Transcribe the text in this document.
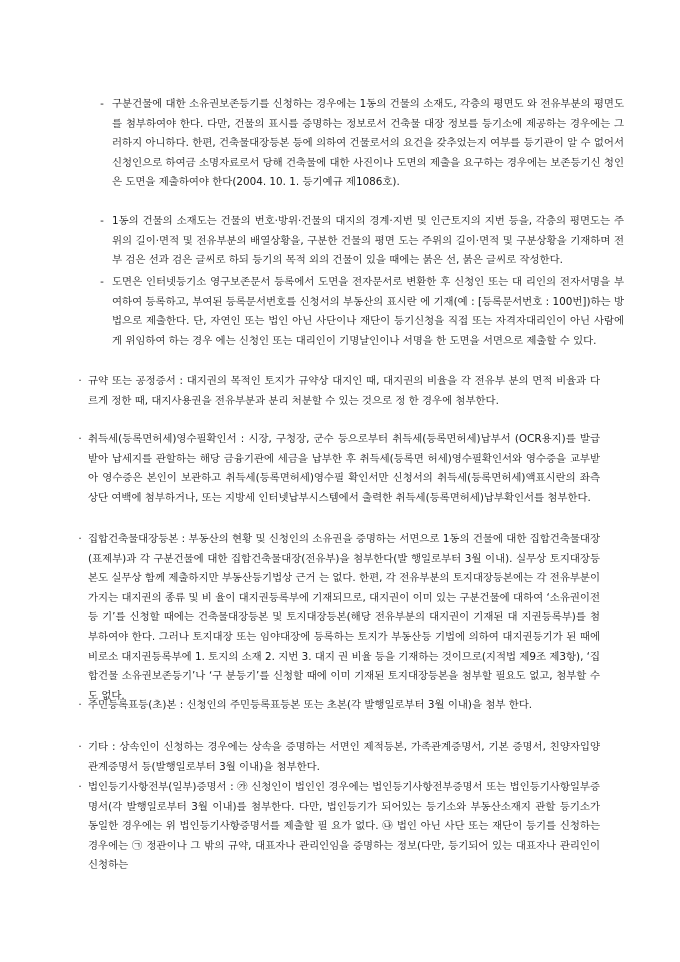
- 구분건물에 대한 소유권보존등기를 신청하는 경우에는 1동의 건물의 소재도, 각층의 평면도 와 전유부분의 평면도를 첨부하여야 한다. 다만, 건물의 표시를 증명하는 정보로서 건축물 대장 정보를 등기소에 제공하는 경우에는 그러하지 아니하다. 한편, 건축물대장등본 등에 의하여 건물로서의 요건을 갖추었는지 여부를 등기관이 알 수 없어서 신청인으로 하여금 소명자료로서 당해 건축물에 대한 사진이나 도면의 제출을 요구하는 경우에는 보존등기신 청인은 도면을 제출하여야 한다(2004. 10. 1. 등기예규 제1086호).
- 1동의 건물의 소재도는 건물의 번호·방위·건물의 대지의 경계·지번 및 인근토지의 지번 등을, 각층의 평면도는 주위의 길이·면적 및 전유부분의 배열상황을, 구분한 건물의 평면 도는 주위의 길이·면적 및 구분상황을 기재하며 전부 검은 선과 검은 글씨로 하되 등기의 목적 외의 건물이 있을 때에는 붉은 선, 붉은 글씨로 작성한다.
- 도면은 인터넷등기소 영구보존문서 등록에서 도면을 전자문서로 변환한 후 신청인 또는 대 리인의 전자서명을 부여하여 등록하고, 부여된 등록문서번호를 신청서의 부동산의 표시란 에 기재(예 : [등록문서번호 : 100번])하는 방법으로 제출한다. 단, 자연인 또는 법인 아닌 사단이나 재단이 등기신청을 직접 또는 자격자대리인이 아닌 사람에게 위임하여 하는 경우 에는 신청인 또는 대리인이 기명날인이나 서명을 한 도면을 서면으로 제출할 수 있다.
· 규약 또는 공정증서 : 대지권의 목적인 토지가 규약상 대지인 때, 대지권의 비율을 각 전유부 분의 면적 비율과 다르게 정한 때, 대지사용권을 전유부분과 분리 처분할 수 있는 것으로 정 한 경우에 첨부한다.
· 취득세(등록면허세)영수필확인서 : 시장, 구청장, 군수 등으로부터 취득세(등록면허세)납부서 (OCR용지)를 발급받아 납세지를 관할하는 해당 금융기관에 세금을 납부한 후 취득세(등록면 허세)영수필확인서와 영수증을 교부받아 영수증은 본인이 보관하고 취득세(등록면허세)영수필 확인서만 신청서의 취득세(등록면허세)액표시란의 좌측상단 여백에 첨부하거나, 또는 지방세 인터넷납부시스템에서 출력한 취득세(등록면허세)납부확인서를 첨부한다.
· 집합건축물대장등본 : 부동산의 현황 및 신청인의 소유권을 증명하는 서면으로 1동의 건물에 대한 집합건축물대장(표제부)과 각 구분건물에 대한 집합건축물대장(전유부)을 첨부한다(발 행일로부터 3월 이내). 실무상 토지대장등본도 실무상 함께 제출하지만 부동산등기법상 근거 는 없다. 한편, 각 전유부분의 토지대장등본에는 각 전유부분이 가지는 대지권의 종류 및 비 율이 대지권등록부에 기재되므로, 대지권이 이미 있는 구분건물에 대하여 ‘소유권이전등 기’를 신청할 때에는 건축물대장등본 및 토지대장등본(해당 전유부분의 대지권이 기재된 대 지권등록부)를 첨부하여야 한다. 그러나 토지대장 또는 임야대장에 등록하는 토지가 부동산등 기법에 의하여 대지권등기가 된 때에 비로소 대지권등록부에 1. 토지의 소재 2. 지번 3. 대지 권 비율 등을 기재하는 것이므로(지적법 제9조 제3항), ‘집합건물 소유권보존등기’나 ‘구 분등기’를 신청할 때에 이미 기재된 토지대장등본을 첨부할 필요도 없고, 첨부할 수도 없다.
· 주민등록표등(초)본 : 신청인의 주민등록표등본 또는 초본(각 발행일로부터 3월 이내)을 첨부 한다.
· 기타 : 상속인이 신청하는 경우에는 상속을 증명하는 서면인 제적등본, 가족관계증명서, 기본 증명서, 친양자입양관계증명서 등(발행일로부터 3월 이내)을 첨부한다.
· 법인등기사항전부(일부)증명서 : ㉮ 신청인이 법인인 경우에는 법인등기사항전부증명서 또는 법인등기사항일부증명서(각 발행일로부터 3월 이내)를 첨부한다. 다만, 법인등기가 되어있는 등기소와 부동산소재지 관할 등기소가 동일한 경우에는 위 법인등기사항증명서를 제출할 필 요가 없다. ㉯ 법인 아닌 사단 또는 재단이 등기를 신청하는 경우에는 ㉠ 정관이나 그 밖의 규약, 대표자나 관리인임을 증명하는 정보(다만, 등기되어 있는 대표자나 관리인이 신청하는
